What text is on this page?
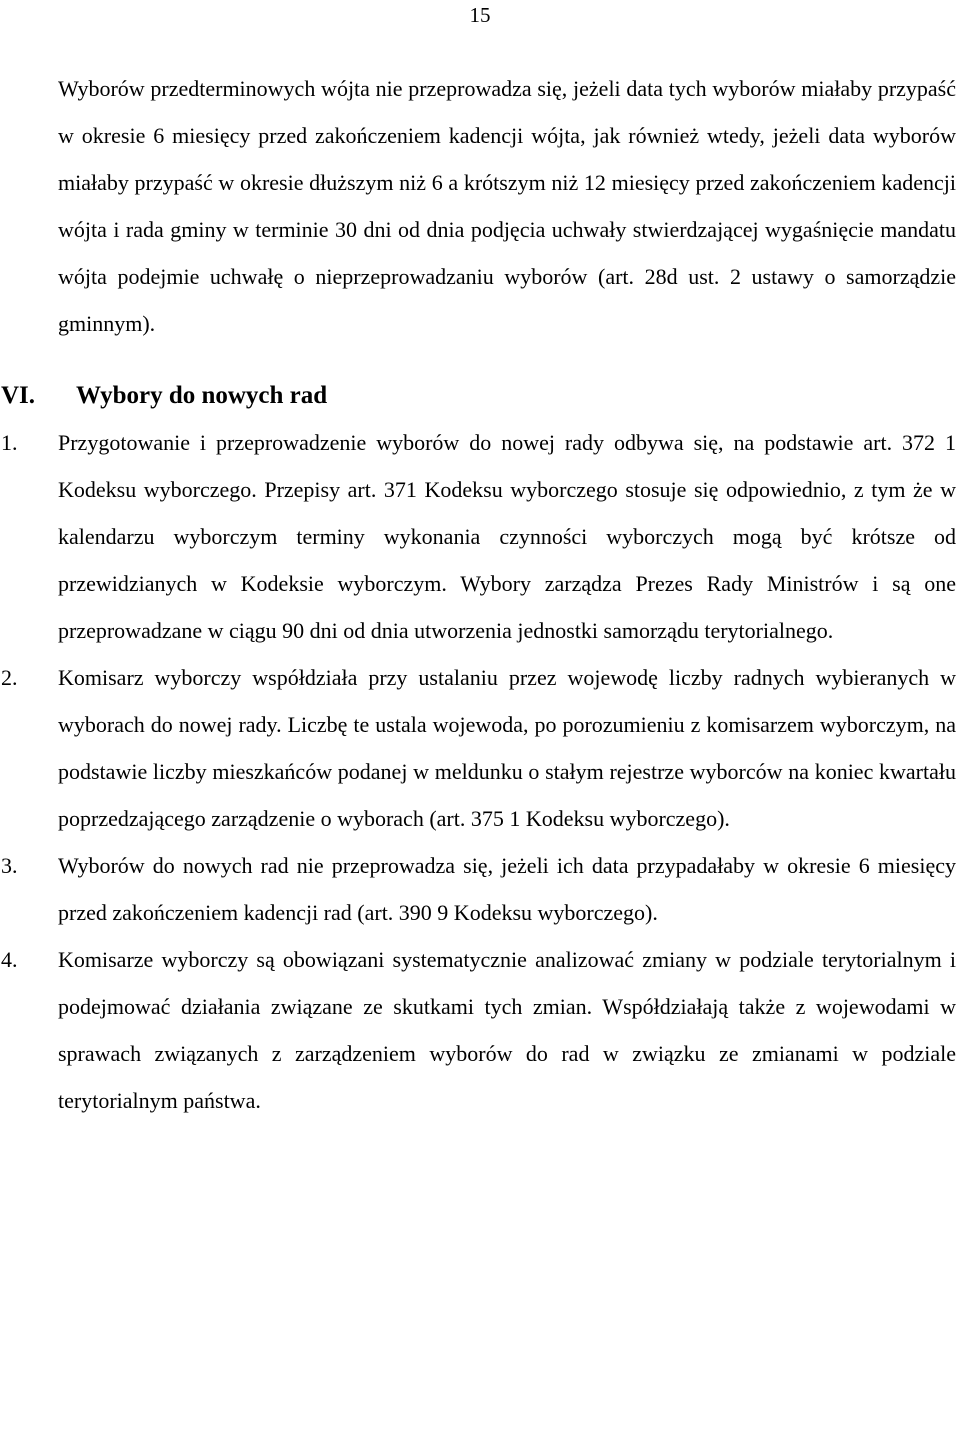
15

Wyborów przedterminowych wójta nie przeprowadza się, jeżeli data tych wyborów miałaby przypaść w okresie 6 miesięcy przed zakończeniem kadencji wójta, jak również wtedy, jeżeli data wyborów miałaby przypaść w okresie dłuższym niż 6 a krótszym niż 12 miesięcy przed zakończeniem kadencji wójta i rada gminy w terminie 30 dni od dnia podjęcia uchwały stwierdzającej wygaśnięcie mandatu wójta podejmie uchwałę o nieprzeprowadzaniu wyborów (art. 28d ust. 2 ustawy o samorządzie gminnym).

VI. Wybory do nowych rad
1. Przygotowanie i przeprowadzenie wyborów do nowej rady odbywa się, na podstawie art. 372 1 Kodeksu wyborczego. Przepisy art. 371 Kodeksu wyborczego stosuje się odpowiednio, z tym że w kalendarzu wyborczym terminy wykonania czynności wyborczych mogą być krótsze od przewidzianych w Kodeksie wyborczym. Wybory zarządza Prezes Rady Ministrów i są one przeprowadzane w ciągu 90 dni od dnia utworzenia jednostki samorządu terytorialnego.
2. Komisarz wyborczy współdziała przy ustalaniu przez wojewodę liczby radnych wybieranych w wyborach do nowej rady. Liczbę te ustala wojewoda, po porozumieniu z komisarzem wyborczym, na podstawie liczby mieszkańców podanej w meldunku o stałym rejestrze wyborców na koniec kwartału poprzedzającego zarządzenie o wyborach (art. 375 1 Kodeksu wyborczego).
3. Wyborów do nowych rad nie przeprowadza się, jeżeli ich data przypadałaby w okresie 6 miesięcy przed zakończeniem kadencji rad (art. 390 9 Kodeksu wyborczego).
4. Komisarze wyborczy są obowiązani systematycznie analizować zmiany w podziale terytorialnym i podejmować działania związane ze skutkami tych zmian. Współdziałają także z wojewodami w sprawach związanych z zarządzeniem wyborów do rad w związku ze zmianami w podziale terytorialnym państwa.
